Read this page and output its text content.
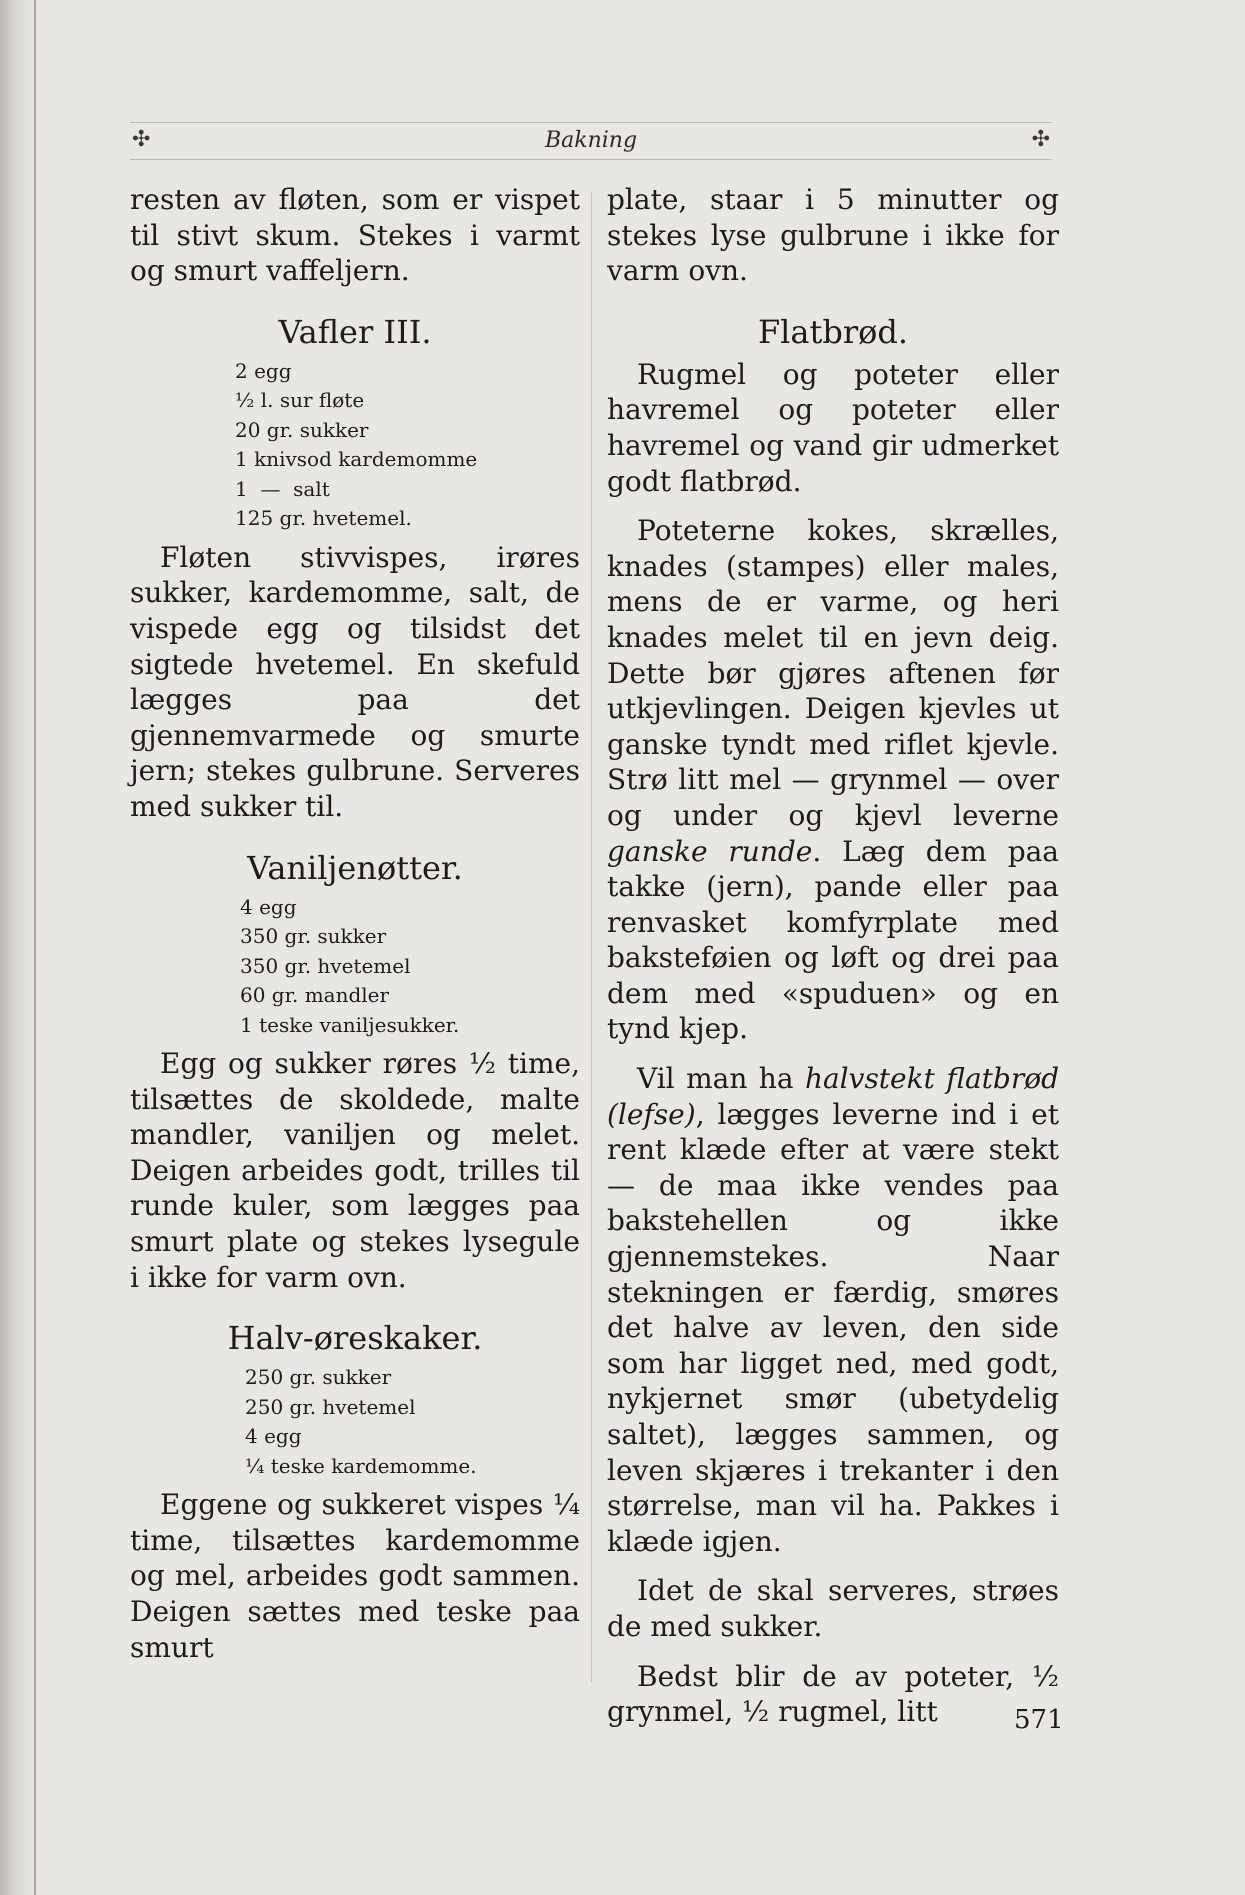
✣	Bakning	✣

resten av fløten, som er vispet til stivt skum. Stekes i varmt og smurt vaffeljern.

Vafler III.
2 egg
½ l. sur fløte
20 gr. sukker
1 knivsod kardemomme
1  —  salt
125 gr. hvetemel.

Fløten stivvispes, irøres sukker, kardemomme, salt, de vispede egg og tilsidst det sigtede hvetemel. En skefuld lægges paa det gjennemvarmede og smurte jern; stekes gulbrune. Serveres med sukker til.

Vaniljenøtter.
4 egg
350 gr. sukker
350 gr. hvetemel
60 gr. mandler
1 teske vaniljesukker.

Egg og sukker røres ½ time, tilsættes de skoldede, malte mandler, vaniljen og melet. Deigen arbeides godt, trilles til runde kuler, som lægges paa smurt plate og stekes lysegule i ikke for varm ovn.

Halv-øreskaker.
250 gr. sukker
250 gr. hvetemel
4 egg
¼ teske kardemomme.

Eggene og sukkeret vispes ¼ time, tilsættes kardemomme og mel, arbeides godt sammen. Deigen sættes med teske paa smurt

plate, staar i 5 minutter og stekes lyse gulbrune i ikke for varm ovn.

Flatbrød.

Rugmel og poteter eller havremel og poteter eller havremel og vand gir udmerket godt flatbrød.

Poteterne kokes, skrælles, knades (stampes) eller males, mens de er varme, og heri knades melet til en jevn deig. Dette bør gjøres aftenen før utkjevlingen. Deigen kjevles ut ganske tyndt med riflet kjevle. Strø litt mel — grynmel — over og under og kjevl leverne ganske runde. Læg dem paa takke (jern), pande eller paa renvasket komfyrplate med baksteføien og løft og drei paa dem med «spuduen» og en tynd kjep.

Vil man ha halvstekt flatbrød (lefse), lægges leverne ind i et rent klæde efter at være stekt — de maa ikke vendes paa bakstehellen og ikke gjennemstekes. Naar stekningen er færdig, smøres det halve av leven, den side som har ligget ned, med godt, nykjernet smør (ubetydelig saltet), lægges sammen, og leven skjæres i trekanter i den størrelse, man vil ha. Pakkes i klæde igjen.

Idet de skal serveres, strøes de med sukker.

Bedst blir de av poteter, ½ grynmel, ½ rugmel, litt	571
